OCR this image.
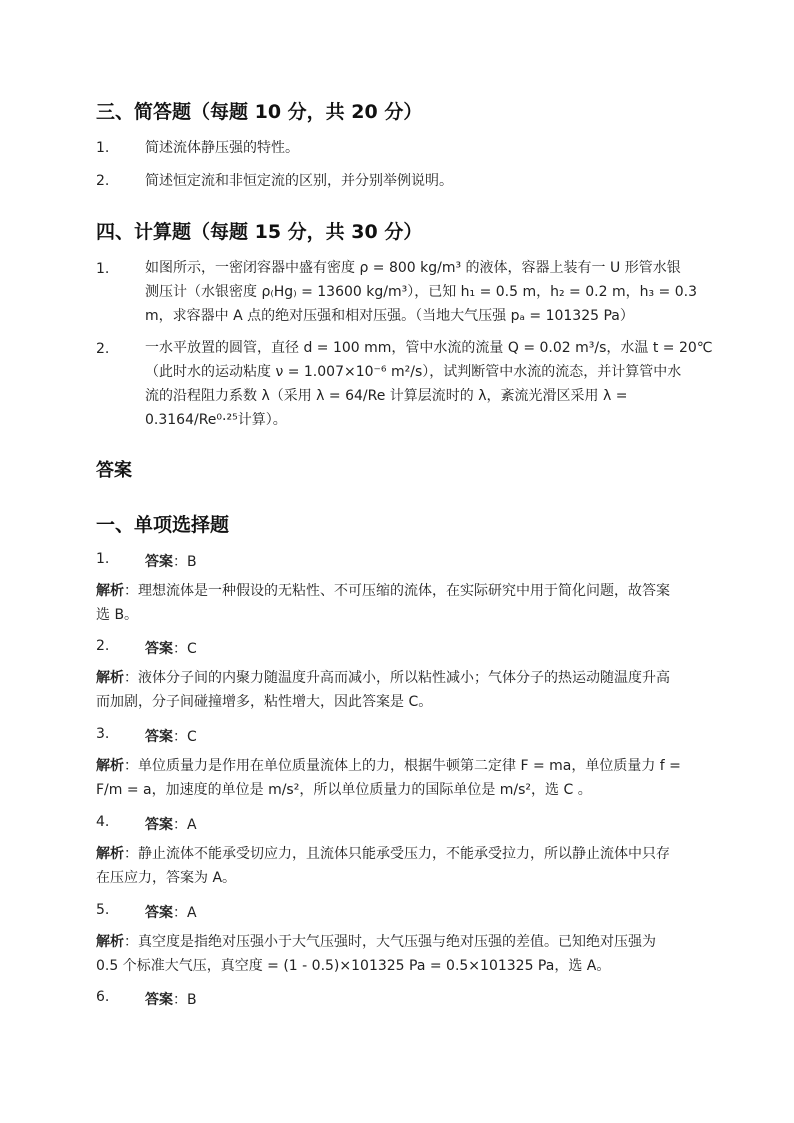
三、简答题（每题 10 分，共 20 分）
1.	简述流体静压强的特性。
2.	简述恒定流和非恒定流的区别，并分别举例说明。
四、计算题（每题 15 分，共 30 分）
1.	如图所示，一密闭容器中盛有密度 ρ = 800 kg/m³ 的液体，容器上装有一 U 形管水银
测压计（水银密度 ρ₍Hg₎ = 13600 kg/m³），已知 h₁ = 0.5 m，h₂ = 0.2 m，h₃ = 0.3
m，求容器中 A 点的绝对压强和相对压强。（当地大气压强 pₐ = 101325 Pa）
2.	一水平放置的圆管，直径 d = 100 mm，管中水流的流量 Q = 0.02 m³/s，水温 t = 20℃
（此时水的运动粘度 ν = 1.007×10⁻⁶ m²/s），试判断管中水流的流态，并计算管中水
流的沿程阻力系数 λ（采用 λ = 64/Re 计算层流时的 λ，紊流光滑区采用 λ =
0.3164/Re⁰·²⁵计算）。
答案
一、单项选择题
1.	答案：B
解析：理想流体是一种假设的无粘性、不可压缩的流体，在实际研究中用于简化问题，故答案
选 B。
2.	答案：C
解析：液体分子间的内聚力随温度升高而减小，所以粘性减小；气体分子的热运动随温度升高
而加剧，分子间碰撞增多，粘性增大，因此答案是 C。
3.	答案：C
解析：单位质量力是作用在单位质量流体上的力，根据牛顿第二定律 F = ma，单位质量力 f =
F/m = a，加速度的单位是 m/s²，所以单位质量力的国际单位是 m/s²，选 C 。
4.	答案：A
解析：静止流体不能承受切应力，且流体只能承受压力，不能承受拉力，所以静止流体中只存
在压应力，答案为 A。
5.	答案：A
解析：真空度是指绝对压强小于大气压强时，大气压强与绝对压强的差值。已知绝对压强为
0.5 个标准大气压，真空度 = (1 - 0.5)×101325 Pa = 0.5×101325 Pa，选 A。
6.	答案：B
